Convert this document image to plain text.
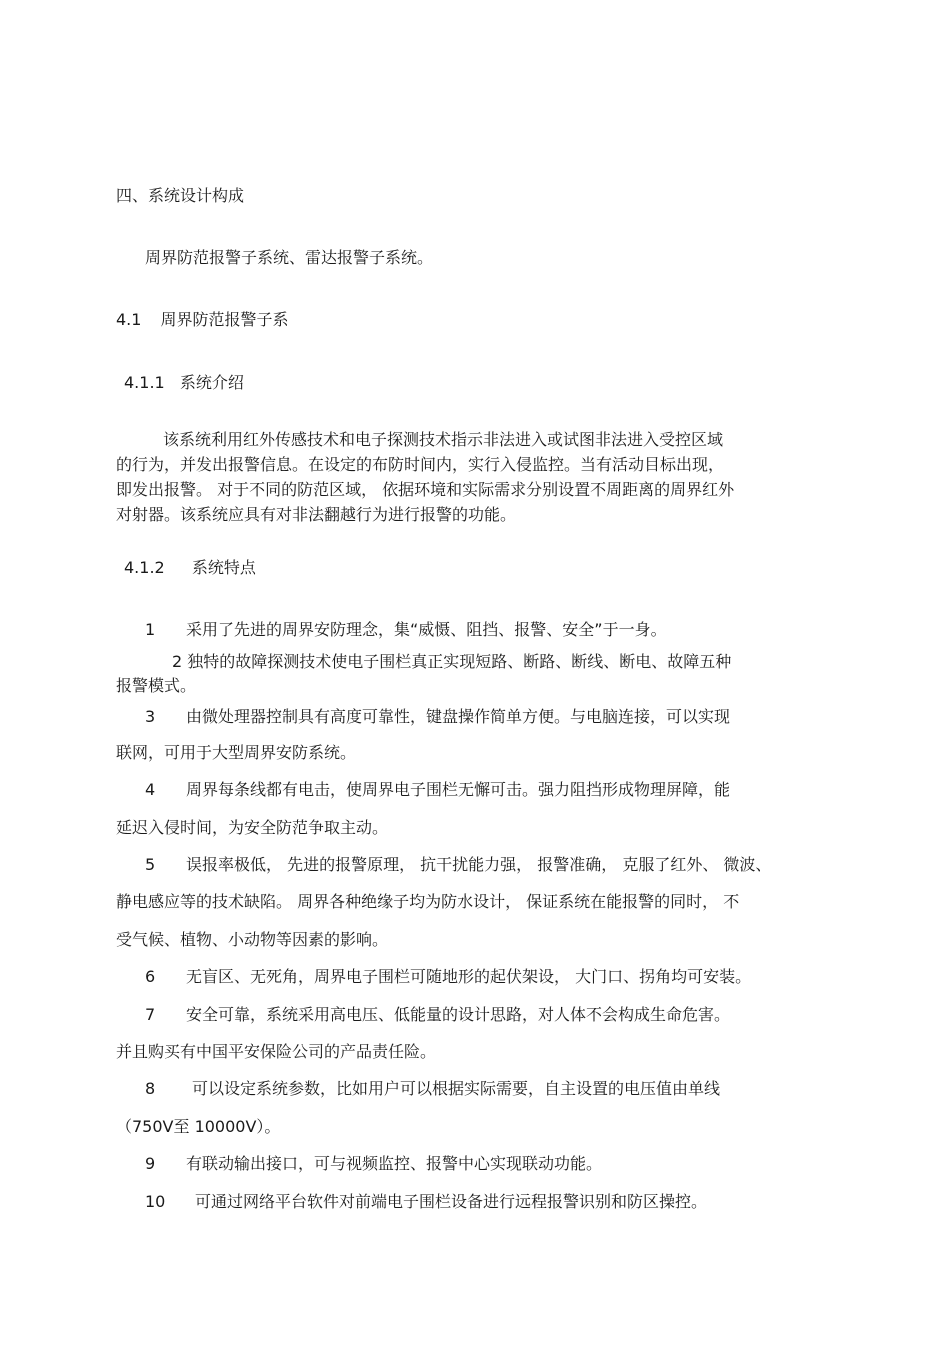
四、系统设计构成
周界防范报警子系统、雷达报警子系统。
4.1 周界防范报警子系
4.1.1 系统介绍
该系统利用红外传感技术和电子探测技术指示非法进入或试图非法进入受控区域
的行为，并发出报警信息。在设定的布防时间内，实行入侵监控。当有活动目标出现，
即发出报警。 对于不同的防范区域， 依据环境和实际需求分别设置不周距离的周界红外
对射器。该系统应具有对非法翻越行为进行报警的功能。
4.1.2 系统特点
1 采用了先进的周界安防理念，集“威慑、阻挡、报警、安全”于一身。
2 独特的故障探测技术使电子围栏真正实现短路、断路、断线、断电、故障五种
报警模式。
3 由微处理器控制具有高度可靠性，键盘操作简单方便。与电脑连接，可以实现
联网，可用于大型周界安防系统。
4 周界每条线都有电击，使周界电子围栏无懈可击。强力阻挡形成物理屏障，能
延迟入侵时间，为安全防范争取主动。
5 误报率极低， 先进的报警原理， 抗干扰能力强， 报警准确， 克服了红外、 微波、
静电感应等的技术缺陷。 周界各种绝缘子均为防水设计， 保证系统在能报警的同时， 不
受气候、植物、小动物等因素的影响。
6 无盲区、无死角，周界电子围栏可随地形的起伏架设， 大门口、拐角均可安装。
7 安全可靠，系统采用高电压、低能量的设计思路，对人体不会构成生命危害。
并且购买有中国平安保险公司的产品责任险。
8 可以设定系统参数，比如用户可以根据实际需要，自主设置的电压值由单线
（750V至 10000V）。
9 有联动输出接口，可与视频监控、报警中心实现联动功能。
10 可通过网络平台软件对前端电子围栏设备进行远程报警识别和防区操控。
